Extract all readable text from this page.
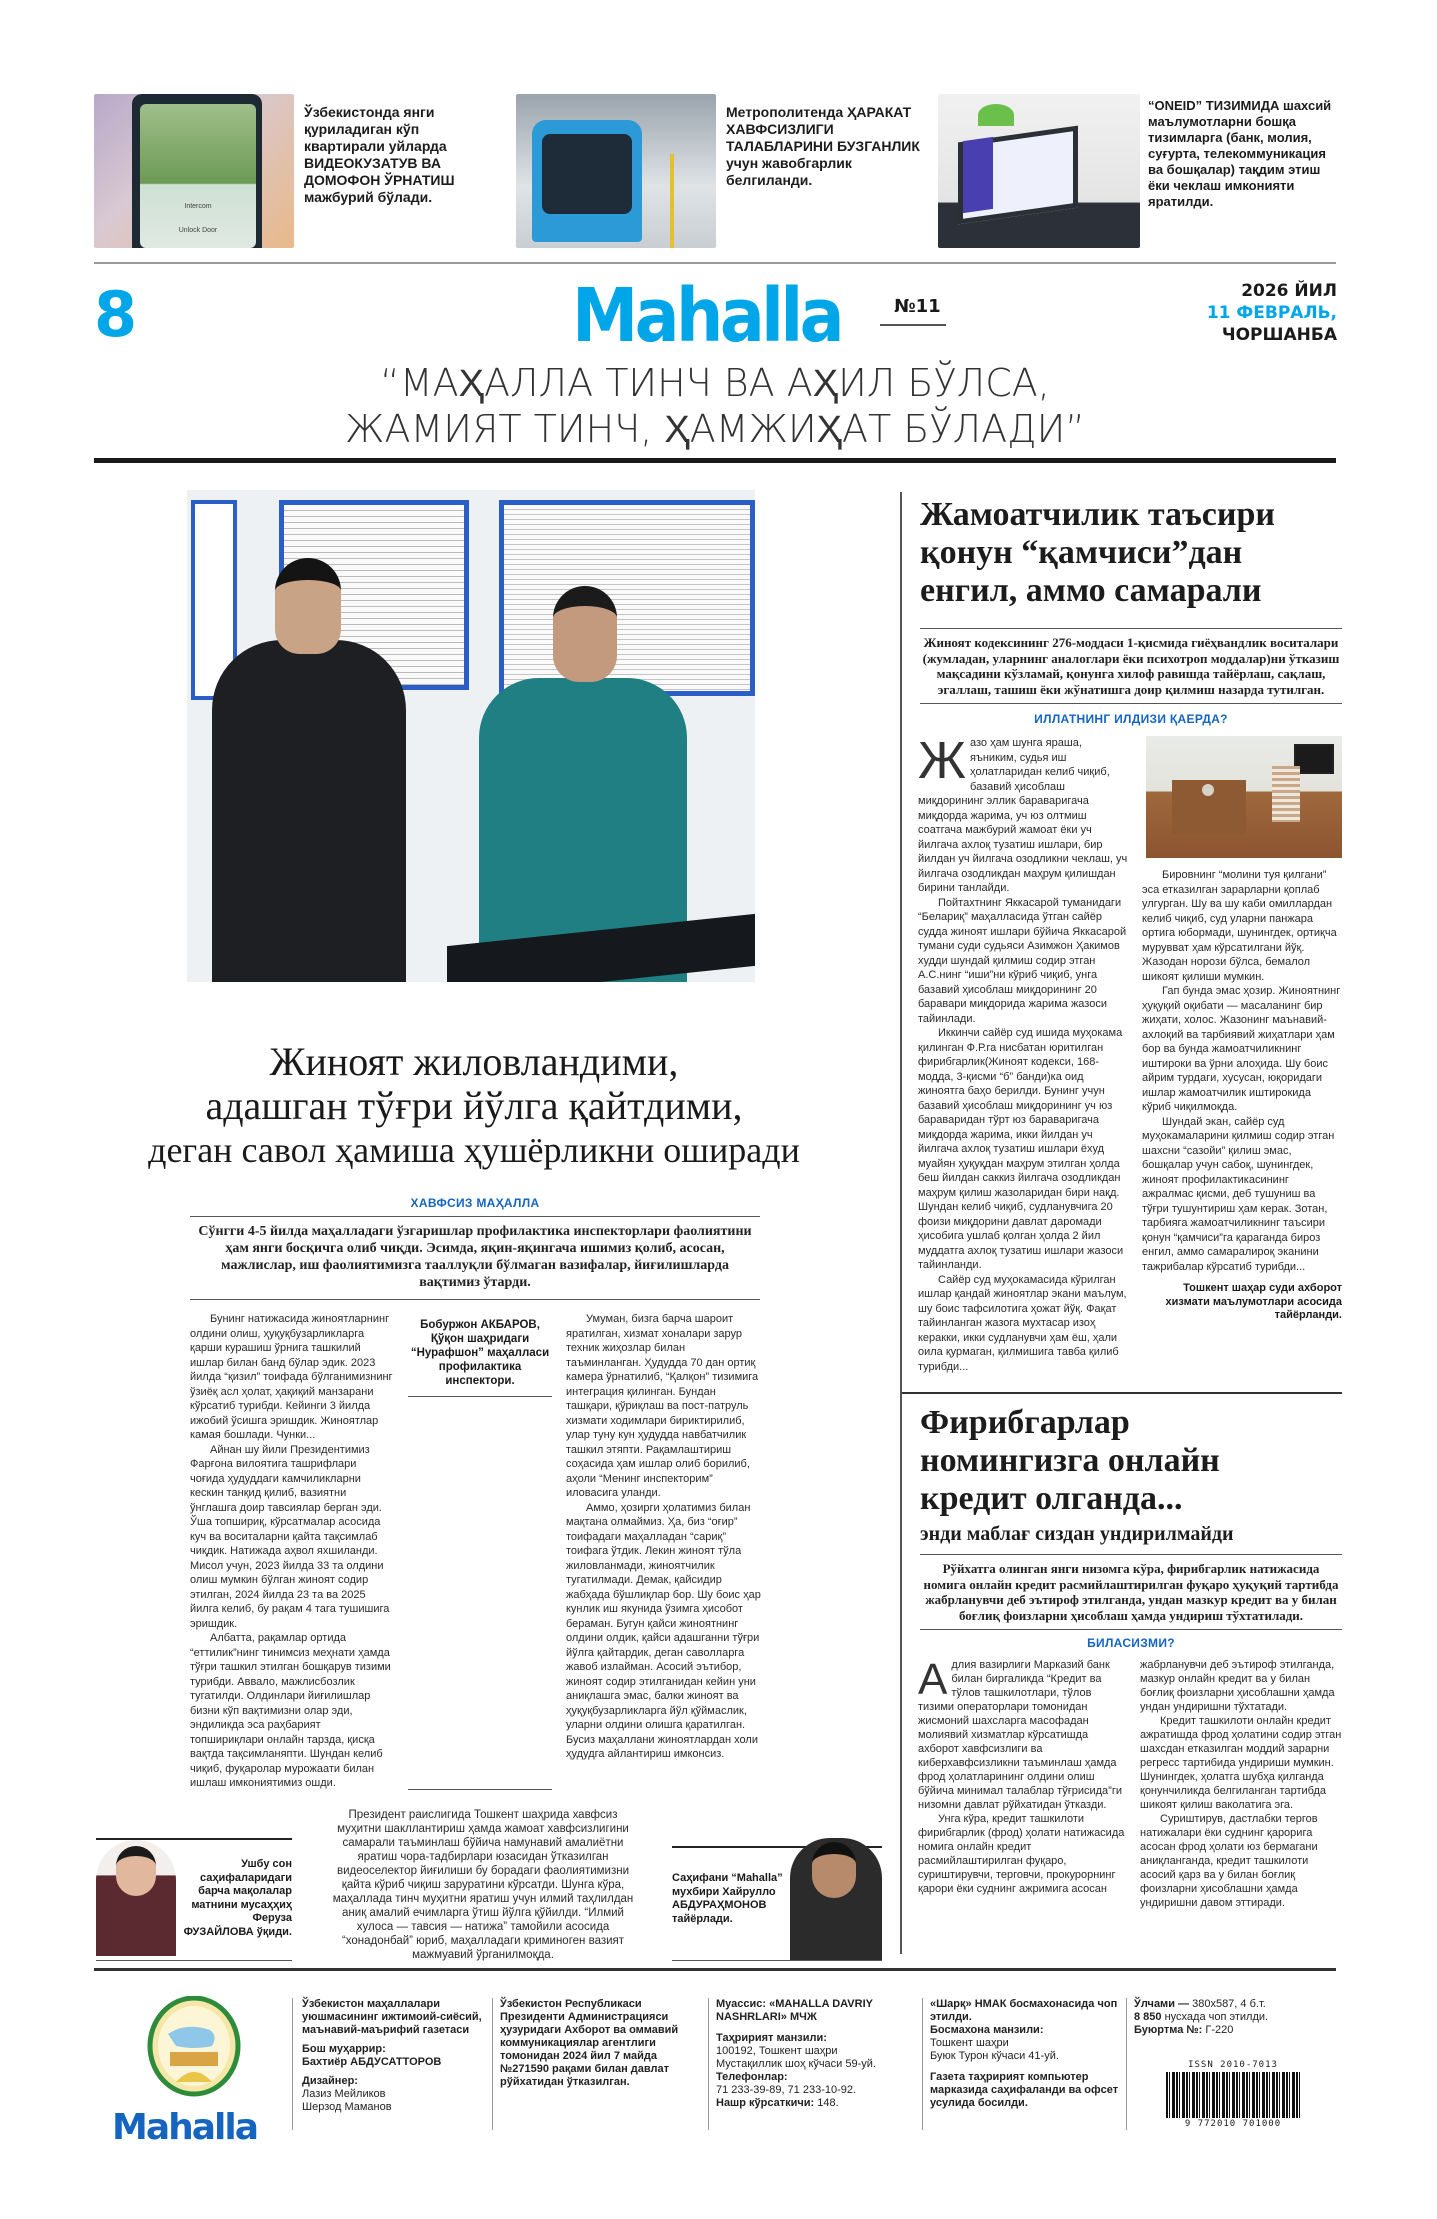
Intercom
Unlock Door
Ўзбекистонда янги қуриладиган кўп квартирали уйларда ВИДЕОКУЗАТУВ ВА ДОМОФОН ЎРНАТИШ мажбурий бўлади.
Метрополитенда ҲАРАКАТ ХАВФСИЗЛИГИ ТАЛАБЛАРИНИ БУЗГАНЛИК учун жавобгарлик белгиланди.
“ONEID” ТИЗИМИДА шахсий маълумотларни бошқа тизимларга (банк, молия, суғурта, телекоммуникация ва бошқалар) тақдим этиш ёки чеклаш имконияти яратилди.
8	Mahalla	№11
2026 ЙИЛ
11 ФЕВРАЛЬ,
ЧОРШАНБА
“МАҲАЛЛА ТИНЧ ВА АҲИЛ БЎЛСА,
ЖАМИЯТ ТИНЧ, ҲАМЖИҲАТ БЎЛАДИ”
Жиноят жиловландими,
адашган тўғри йўлга қайтдими,
деган савол ҳамиша ҳушёрликни оширади
ХАВФСИЗ МАҲАЛЛА
Сўнгги 4-5 йилда маҳалладаги ўзгаришлар профилактика инспекторлари фаолиятини ҳам янги босқичга олиб чиқди. Эсимда, яқин-яқингача ишимиз қолиб, асосан, мажлислар, иш фаолиятимизга тааллуқли бўлмаган вазифалар, йиғилишларда вақтимиз ўтарди.

Бунинг натижасида жиноятларнинг олдини олиш, ҳуқуқбузарликларга қарши курашиш ўрнига ташкилий ишлар билан банд бўлар эдик. 2023 йилда “қизил” тоифада бўлганимизнинг ўзиёқ асл ҳолат, ҳақиқий манзарани кўрсатиб турибди. Кейинги 3 йилда ижобий ўсишга эришдик. Жиноятлар камая бошлади. Чунки...

Айнан шу йили Президентимиз Фарғона вилоятига ташрифлари чоғида ҳудуддаги камчиликларни кескин танқид қилиб, вазиятни ўнглашга доир тавсиялар берган эди. Ўша топшириқ, кўрсатмалар асосида куч ва воситаларни қайта тақсимлаб чиқдик. Натижада аҳвол яхшиланди. Мисол учун, 2023 йилда 33 та олдини олиш мумкин бўлган жиноят содир этилган, 2024 йилда 23 та ва 2025 йилга келиб, бу рақам 4 тага тушишига эришдик.

Албатта, рақамлар ортида “еттилик”нинг тинимсиз меҳнати ҳамда тўғри ташкил этилган бошқарув тизими турибди. Аввало, мажлисбозлик тугатилди. Олдинлари йиғилишлар бизни кўп вақтимизни олар эди, эндиликда эса раҳбарият топшириқлари онлайн тарзда, қисқа вақтда тақсимланяпти. Шундан келиб чиқиб, фуқаролар мурожаати билан ишлаш имкониятимиз ошди.

Бобуржон АКБАРОВ, Қўқон шаҳридаги “Нурафшон” маҳалласи профилактика инспектори.

Умуман, бизга барча шароит яратилган, хизмат хоналари зарур техник жиҳозлар билан таъминланган. Ҳудудда 70 дан ортиқ камера ўрнатилиб, “Қалқон” тизимига интеграция қилинган. Бундан ташқари, қўриқлаш ва пост-патруль хизмати ходимлари бириктирилиб, улар туну кун ҳудудда навбатчилик ташкил этяпти. Рақамлаштириш соҳасида ҳам ишлар олиб борилиб, аҳоли “Менинг инспекторим” иловасига уланди.

Аммо, ҳозирги ҳолатимиз билан мақтана олмаймиз. Ҳа, биз “оғир” тоифадаги маҳалладан “сариқ” тоифага ўтдик. Лекин жиноят тўла жиловланмади, жиноятчилик тугатилмади. Демак, қайсидир жабҳада бўшлиқлар бор. Шу боис ҳар кунлик иш якунида ўзимга ҳисобот бераман. Бугун қайси жиноятнинг олдини олдик, қайси адашганни тўғри йўлга қайтардик, деган саволларга жавоб излайман. Асосий эътибор, жиноят содир этилганидан кейин уни аниқлашга эмас, балки жиноят ва ҳуқуқбузарликларга йўл қўймаслик, уларни олдини олишга қаратилган. Бусиз маҳаллани жиноятлардан холи ҳудудга айлантириш имконсиз.

Ушбу сон саҳифаларидаги барча мақолалар матнини мусаҳҳиҳ Феруза ФУЗАЙЛОВА ўқиди.
Президент раислигида Тошкент шаҳрида хавфсиз муҳитни шакллантириш ҳамда жамоат хавфсизлигини самарали таъминлаш бўйича намунавий амалиётни яратиш чора-тадбирлари юзасидан ўтказилган видеоселектор йиғилиши бу борадаги фаолиятимизни қайта кўриб чиқиш заруратини кўрсатди. Шунга кўра, маҳаллада тинч муҳитни яратиш учун илмий таҳлилдан аниқ амалий ечимларга ўтиш йўлга қўйилди. “Илмий хулоса — тавсия — натижа” тамойили асосида “хонадонбай” юриб, маҳалладаги криминоген вазият мажмуавий ўрганилмоқда.
Саҳифани “Mahalla” мухбири Хайрулло АБДУРАҲМОНОВ тайёрлади.
Жамоатчилик таъсири
қонун “қамчиси”дан
енгил, аммо самарали
Жиноят кодексининг 276-моддаси 1-қисмида гиёҳвандлик воситалари (жумладан, уларнинг аналоглари ёки психотроп моддалар)ни ўтказиш мақсадини кўзламай, қонунга хилоф равишда тайёрлаш, сақлаш, эгаллаш, ташиш ёки жўнатишга доир қилмиш назарда тутилган.
ИЛЛАТНИНГ ИЛДИЗИ ҚАЕРДА?

Жазо ҳам шунга яраша, яъниким, судья иш ҳолатларидан келиб чиқиб, базавий ҳисоблаш миқдорининг эллик бараваригача миқдорда жарима, уч юз олтмиш соатгача мажбурий жамоат ёки уч йилгача ахлоқ тузатиш ишлари, бир йилдан уч йилгача озодликни чеклаш, уч йилгача озодликдан маҳрум қилишдан бирини танлайди.

Пойтахтнинг Яккасарой туманидаги “Белариқ” маҳалласида ўтган сайёр судда жиноят ишлари бўйича Яккасарой тумани суди судьяси Азимжон Ҳакимов худди шундай қилмиш содир этган А.С.нинг “иши”ни кўриб чиқиб, унга базавий ҳисоблаш миқдорининг 20 баравари миқдорида жарима жазоси тайинлади.

Иккинчи сайёр суд ишида муҳокама қилинган Ф.Р.га нисбатан юритилган фирибгарлик(Жиноят кодекси, 168-модда, 3-қисми “б” банди)ка оид жиноятга баҳо берилди. Бунинг учун базавий ҳисоблаш миқдорининг уч юз бараваридан тўрт юз бараваригача миқдорда жарима, икки йилдан уч йилгача ахлоқ тузатиш ишлари ёхуд муайян ҳуқуқдан маҳрум этилган ҳолда беш йилдан саккиз йилгача озодликдан маҳрум қилиш жазоларидан бири нақд. Шундан келиб чиқиб, судланувчига 20 фоизи миқдорини давлат даромади ҳисобига ушлаб қолган ҳолда 2 йил муддатга ахлоқ тузатиш ишлари жазоси тайинланди.

Сайёр суд муҳокамасида кўрилган ишлар қандай жиноятлар экани маълум, шу боис тафсилотига ҳожат йўқ. Фақат тайинланган жазога мухтасар изоҳ керакки, икки судланувчи ҳам ёш, ҳали оила қурмаган, қилмишига тавба қилиб турибди...

Бировнинг “молини туя қилгани” эса етказилган зарарларни қоплаб улгурган. Шу ва шу каби омиллардан келиб чиқиб, суд уларни панжара ортига юбормади, шунингдек, ортиқча мурувват ҳам кўрсатилгани йўқ. Жазодан норози бўлса, бемалол шикоят қилиши мумкин.

Гап бунда эмас ҳозир. Жиноятнинг ҳуқуқий оқибати — масаланинг бир жиҳати, холос. Жазонинг маънавий-ахлоқий ва тарбиявий жиҳатлари ҳам бор ва бунда жамоатчиликнинг иштироки ва ўрни алоҳида. Шу боис айрим турдаги, хусусан, юқоридаги ишлар жамоатчилик иштирокида кўриб чиқилмоқда.

Шундай экан, сайёр суд муҳокамаларини қилмиш содир этган шахсни “сазойи” қилиш эмас, бошқалар учун сабоқ, шунингдек, жиноят профилактикасининг ажралмас қисми, деб тушуниш ва тўғри тушунтириш ҳам керак. Зотан, тарбияга жамоатчиликнинг таъсири қонун “қамчиси”га қараганда бироз енгил, аммо самаралироқ эканини тажрибалар кўрсатиб турибди...

Тошкент шаҳар суди ахборот хизмати маълумотлари асосида тайёрланди.
Фирибгарлар
номингизга онлайн
кредит олганда...
энди маблағ сиздан ундирилмайди
Рўйхатга олинган янги низомга кўра, фирибгарлик натижасида номига онлайн кредит расмийлаштирилган фуқаро ҳуқуқий тартибда жабрланувчи деб эътироф этилганда, ундан мазкур кредит ва у билан боғлиқ фоизларни ҳисоблаш ҳамда ундириш тўхтатилади.
БИЛАСИЗМИ?

Адлия вазирлиги Марказий банк билан биргаликда “Кредит ва тўлов ташкилотлари, тўлов тизими операторлари томонидан жисмоний шахсларга масофадан молиявий хизматлар кўрсатишда ахборот хавфсизлиги ва киберхавфсизликни таъминлаш ҳамда фрод ҳолатларининг олдини олиш бўйича минимал талаблар тўғрисида”ги низомни давлат рўйхатидан ўтказди.

Унга кўра, кредит ташкилоти фирибгарлик (фрод) ҳолати натижасида номига онлайн кредит расмийлаштирилган фуқаро, суриштирувчи, терговчи, прокурорнинг қарори ёки суднинг ажримига асосан

жабрланувчи деб эътироф этилганда, мазкур онлайн кредит ва у билан боғлиқ фоизларни ҳисоблашни ҳамда ундан ундиришни тўхтатади.

Кредит ташкилоти онлайн кредит ажратишда фрод ҳолатини содир этган шахсдан етказилган моддий зарарни регресс тартибида ундириши мумкин. Шунингдек, ҳолатга шубҳа қилганда қонунчиликда белгиланган тартибда шикоят қилиш ваколатига эга.

Суриштирув, дастлабки тергов натижалари ёки суднинг қарорига асосан фрод ҳолати юз бермагани аниқланганда, кредит ташкилоти асосий қарз ва у билан боғлиқ фоизларни ҳисоблашни ҳамда ундиришни давом эттиради.

Mahalla
Ўзбекистон маҳаллалари уюшмасининг ижтимоий-сиёсий, маънавий-маърифий газетаси
Бош муҳаррир:
Бахтиёр АБДУСАТТОРОВ
Дизайнер:
Лазиз Мейликов
Шерзод Маманов
Ўзбекистон Республикаси Президенти Администрацияси ҳузуридаги Ахборот ва оммавий коммуникациялар агентлиги томонидан 2024 йил 7 майда №271590 рақами билан давлат рўйхатидан ўтказилган.
Муассис: «MAHALLA DAVRIY NASHRLARI» МЧЖ
Таҳририят манзили:
100192, Тошкент шаҳри
Мустақиллик шоҳ кўчаси 59-уй.
Телефонлар:
71 233-39-89, 71 233-10-92.
Нашр кўрсаткичи: 148.
«Шарқ» НМАК босмахонасида чоп этилди.
Босмахона манзили:
Тошкент шаҳри
Буюк Турон кўчаси 41-уй.
Газета таҳририят компьютер марказида саҳифаланди ва офсет усулида босилди.
Ўлчами — 380x587, 4 б.т.
8 850 нусхада чоп этилди.
Буюртма №: Г-220
ISSN 2010-7013
9 772010 701000
